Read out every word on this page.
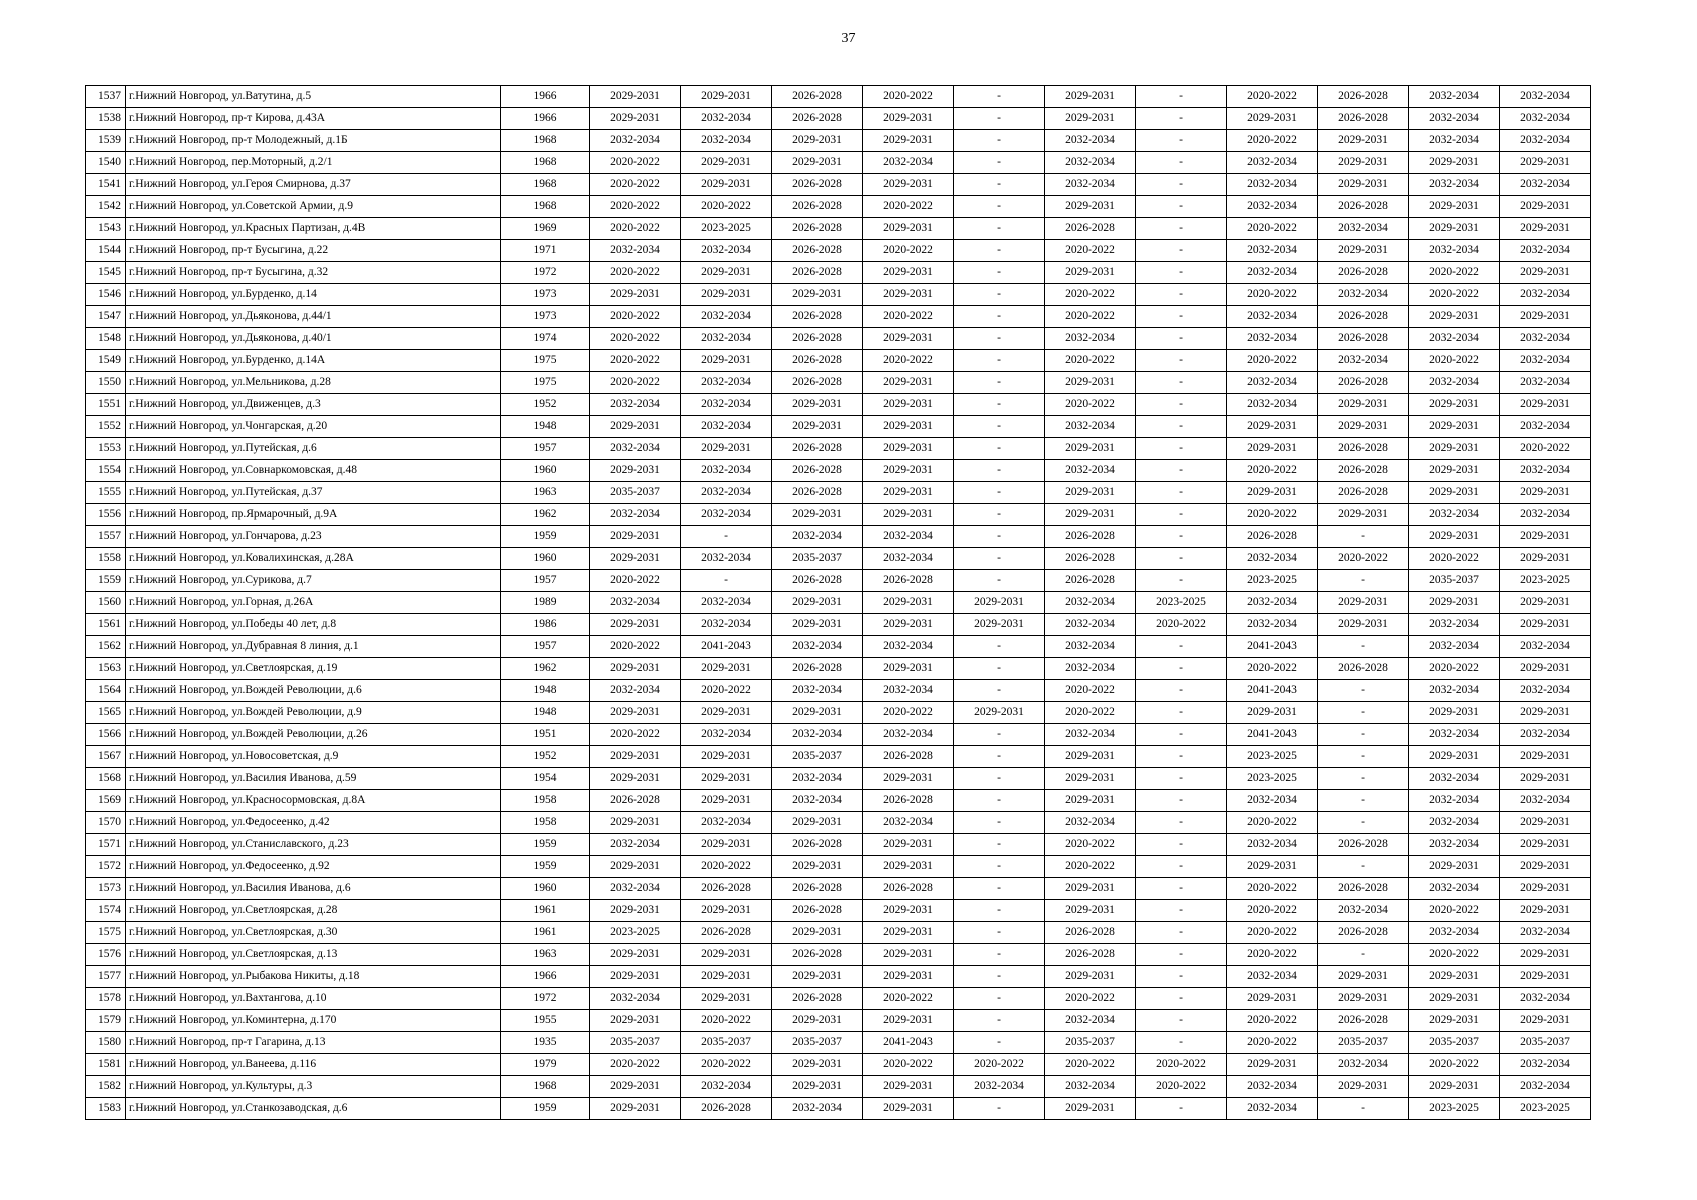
37
1537	г.Нижний Новгород, ул.Ватутина, д.5	1966	2029-2031	2029-2031	2026-2028	2020-2022	-	2029-2031	-	2020-2022	2026-2028	2032-2034	2032-2034
1538	г.Нижний Новгород, пр-т Кирова, д.43А	1966	2029-2031	2032-2034	2026-2028	2029-2031	-	2029-2031	-	2029-2031	2026-2028	2032-2034	2032-2034
1539	г.Нижний Новгород, пр-т Молодежный, д.1Б	1968	2032-2034	2032-2034	2029-2031	2029-2031	-	2032-2034	-	2020-2022	2029-2031	2032-2034	2032-2034
1540	г.Нижний Новгород, пер.Моторный, д.2/1	1968	2020-2022	2029-2031	2029-2031	2032-2034	-	2032-2034	-	2032-2034	2029-2031	2029-2031	2029-2031
1541	г.Нижний Новгород, ул.Героя Смирнова, д.37	1968	2020-2022	2029-2031	2026-2028	2029-2031	-	2032-2034	-	2032-2034	2029-2031	2032-2034	2032-2034
1542	г.Нижний Новгород, ул.Советской Армии, д.9	1968	2020-2022	2020-2022	2026-2028	2020-2022	-	2029-2031	-	2032-2034	2026-2028	2029-2031	2029-2031
1543	г.Нижний Новгород, ул.Красных Партизан, д.4В	1969	2020-2022	2023-2025	2026-2028	2029-2031	-	2026-2028	-	2020-2022	2032-2034	2029-2031	2029-2031
1544	г.Нижний Новгород, пр-т Бусыгина, д.22	1971	2032-2034	2032-2034	2026-2028	2020-2022	-	2020-2022	-	2032-2034	2029-2031	2032-2034	2032-2034
1545	г.Нижний Новгород, пр-т Бусыгина, д.32	1972	2020-2022	2029-2031	2026-2028	2029-2031	-	2029-2031	-	2032-2034	2026-2028	2020-2022	2029-2031
1546	г.Нижний Новгород, ул.Бурденко, д.14	1973	2029-2031	2029-2031	2029-2031	2029-2031	-	2020-2022	-	2020-2022	2032-2034	2020-2022	2032-2034
1547	г.Нижний Новгород, ул.Дьяконова, д.44/1	1973	2020-2022	2032-2034	2026-2028	2020-2022	-	2020-2022	-	2032-2034	2026-2028	2029-2031	2029-2031
1548	г.Нижний Новгород, ул.Дьяконова, д.40/1	1974	2020-2022	2032-2034	2026-2028	2029-2031	-	2032-2034	-	2032-2034	2026-2028	2032-2034	2032-2034
1549	г.Нижний Новгород, ул.Бурденко, д.14А	1975	2020-2022	2029-2031	2026-2028	2020-2022	-	2020-2022	-	2020-2022	2032-2034	2020-2022	2032-2034
1550	г.Нижний Новгород, ул.Мельникова, д.28	1975	2020-2022	2032-2034	2026-2028	2029-2031	-	2029-2031	-	2032-2034	2026-2028	2032-2034	2032-2034
1551	г.Нижний Новгород, ул.Движенцев, д.3	1952	2032-2034	2032-2034	2029-2031	2029-2031	-	2020-2022	-	2032-2034	2029-2031	2029-2031	2029-2031
1552	г.Нижний Новгород, ул.Чонгарская, д.20	1948	2029-2031	2032-2034	2029-2031	2029-2031	-	2032-2034	-	2029-2031	2029-2031	2029-2031	2032-2034
1553	г.Нижний Новгород, ул.Путейская, д.6	1957	2032-2034	2029-2031	2026-2028	2029-2031	-	2029-2031	-	2029-2031	2026-2028	2029-2031	2020-2022
1554	г.Нижний Новгород, ул.Совнаркомовская, д.48	1960	2029-2031	2032-2034	2026-2028	2029-2031	-	2032-2034	-	2020-2022	2026-2028	2029-2031	2032-2034
1555	г.Нижний Новгород, ул.Путейская, д.37	1963	2035-2037	2032-2034	2026-2028	2029-2031	-	2029-2031	-	2029-2031	2026-2028	2029-2031	2029-2031
1556	г.Нижний Новгород, пр.Ярмарочный, д.9А	1962	2032-2034	2032-2034	2029-2031	2029-2031	-	2029-2031	-	2020-2022	2029-2031	2032-2034	2032-2034
1557	г.Нижний Новгород, ул.Гончарова, д.23	1959	2029-2031	-	2032-2034	2032-2034	-	2026-2028	-	2026-2028	-	2029-2031	2029-2031
1558	г.Нижний Новгород, ул.Ковалихинская, д.28А	1960	2029-2031	2032-2034	2035-2037	2032-2034	-	2026-2028	-	2032-2034	2020-2022	2020-2022	2029-2031
1559	г.Нижний Новгород, ул.Сурикова, д.7	1957	2020-2022	-	2026-2028	2026-2028	-	2026-2028	-	2023-2025	-	2035-2037	2023-2025
1560	г.Нижний Новгород, ул.Горная, д.26А	1989	2032-2034	2032-2034	2029-2031	2029-2031	2029-2031	2032-2034	2023-2025	2032-2034	2029-2031	2029-2031	2029-2031
1561	г.Нижний Новгород, ул.Победы 40 лет, д.8	1986	2029-2031	2032-2034	2029-2031	2029-2031	2029-2031	2032-2034	2020-2022	2032-2034	2029-2031	2032-2034	2029-2031
1562	г.Нижний Новгород, ул.Дубравная 8 линия, д.1	1957	2020-2022	2041-2043	2032-2034	2032-2034	-	2032-2034	-	2041-2043	-	2032-2034	2032-2034
1563	г.Нижний Новгород, ул.Светлоярская, д.19	1962	2029-2031	2029-2031	2026-2028	2029-2031	-	2032-2034	-	2020-2022	2026-2028	2020-2022	2029-2031
1564	г.Нижний Новгород, ул.Вождей Революции, д.6	1948	2032-2034	2020-2022	2032-2034	2032-2034	-	2020-2022	-	2041-2043	-	2032-2034	2032-2034
1565	г.Нижний Новгород, ул.Вождей Революции, д.9	1948	2029-2031	2029-2031	2029-2031	2020-2022	2029-2031	2020-2022	-	2029-2031	-	2029-2031	2029-2031
1566	г.Нижний Новгород, ул.Вождей Революции, д.26	1951	2020-2022	2032-2034	2032-2034	2032-2034	-	2032-2034	-	2041-2043	-	2032-2034	2032-2034
1567	г.Нижний Новгород, ул.Новосоветская, д.9	1952	2029-2031	2029-2031	2035-2037	2026-2028	-	2029-2031	-	2023-2025	-	2029-2031	2029-2031
1568	г.Нижний Новгород, ул.Василия Иванова, д.59	1954	2029-2031	2029-2031	2032-2034	2029-2031	-	2029-2031	-	2023-2025	-	2032-2034	2029-2031
1569	г.Нижний Новгород, ул.Красносормовская, д.8А	1958	2026-2028	2029-2031	2032-2034	2026-2028	-	2029-2031	-	2032-2034	-	2032-2034	2032-2034
1570	г.Нижний Новгород, ул.Федосеенко, д.42	1958	2029-2031	2032-2034	2029-2031	2032-2034	-	2032-2034	-	2020-2022	-	2032-2034	2029-2031
1571	г.Нижний Новгород, ул.Станиславского, д.23	1959	2032-2034	2029-2031	2026-2028	2029-2031	-	2020-2022	-	2032-2034	2026-2028	2032-2034	2029-2031
1572	г.Нижний Новгород, ул.Федосеенко, д.92	1959	2029-2031	2020-2022	2029-2031	2029-2031	-	2020-2022	-	2029-2031	-	2029-2031	2029-2031
1573	г.Нижний Новгород, ул.Василия Иванова, д.6	1960	2032-2034	2026-2028	2026-2028	2026-2028	-	2029-2031	-	2020-2022	2026-2028	2032-2034	2029-2031
1574	г.Нижний Новгород, ул.Светлоярская, д.28	1961	2029-2031	2029-2031	2026-2028	2029-2031	-	2029-2031	-	2020-2022	2032-2034	2020-2022	2029-2031
1575	г.Нижний Новгород, ул.Светлоярская, д.30	1961	2023-2025	2026-2028	2029-2031	2029-2031	-	2026-2028	-	2020-2022	2026-2028	2032-2034	2032-2034
1576	г.Нижний Новгород, ул.Светлоярская, д.13	1963	2029-2031	2029-2031	2026-2028	2029-2031	-	2026-2028	-	2020-2022	-	2020-2022	2029-2031
1577	г.Нижний Новгород, ул.Рыбакова Никиты, д.18	1966	2029-2031	2029-2031	2029-2031	2029-2031	-	2029-2031	-	2032-2034	2029-2031	2029-2031	2029-2031
1578	г.Нижний Новгород, ул.Вахтангова, д.10	1972	2032-2034	2029-2031	2026-2028	2020-2022	-	2020-2022	-	2029-2031	2029-2031	2029-2031	2032-2034
1579	г.Нижний Новгород, ул.Коминтерна, д.170	1955	2029-2031	2020-2022	2029-2031	2029-2031	-	2032-2034	-	2020-2022	2026-2028	2029-2031	2029-2031
1580	г.Нижний Новгород, пр-т Гагарина, д.13	1935	2035-2037	2035-2037	2035-2037	2041-2043	-	2035-2037	-	2020-2022	2035-2037	2035-2037	2035-2037
1581	г.Нижний Новгород, ул.Ванеева, д.116	1979	2020-2022	2020-2022	2029-2031	2020-2022	2020-2022	2020-2022	2020-2022	2029-2031	2032-2034	2020-2022	2032-2034
1582	г.Нижний Новгород, ул.Культуры, д.3	1968	2029-2031	2032-2034	2029-2031	2029-2031	2032-2034	2032-2034	2020-2022	2032-2034	2029-2031	2029-2031	2032-2034
1583	г.Нижний Новгород, ул.Станкозаводская, д.6	1959	2029-2031	2026-2028	2032-2034	2029-2031	-	2029-2031	-	2032-2034	-	2023-2025	2023-2025
